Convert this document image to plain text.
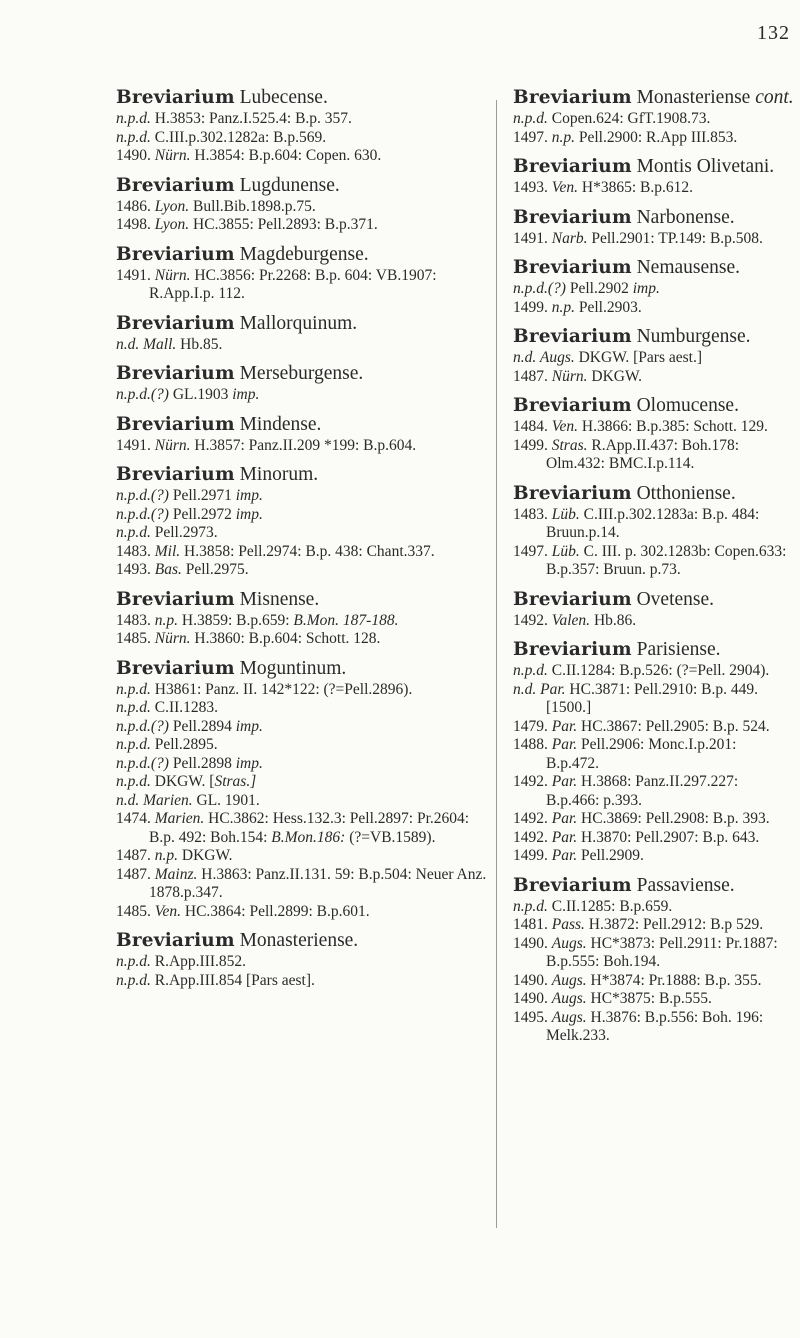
132
Breviarium Lubecense.
n.p.d. H.3853: Panz.I.525.4: B.p. 357.
n.p.d. C.III.p.302.1282a: B.p.569.
1490. Nürn. H.3854: B.p.604: Copen. 630.
Breviarium Lugdunense.
1486. Lyon. Bull.Bib.1898.p.75.
1498. Lyon. HC.3855: Pell.2893: B.p.371.
Breviarium Magdeburgense.
1491. Nürn. HC.3856: Pr.2268: B.p. 604: VB.1907: R.App.I.p. 112.
Breviarium Mallorquinum.
n.d. Mall. Hb.85.
Breviarium Merseburgense.
n.p.d.(?) GL.1903 imp.
Breviarium Mindense.
1491. Nürn. H.3857: Panz.II.209 *199: B.p.604.
Breviarium Minorum.
n.p.d.(?) Pell.2971 imp.
n.p.d.(?) Pell.2972 imp.
n.p.d. Pell.2973.
1483. Mil. H.3858: Pell.2974: B.p. 438: Chant.337.
1493. Bas. Pell.2975.
Breviarium Misnense.
1483. n.p. H.3859: B.p.659: B.Mon. 187-188.
1485. Nürn. H.3860: B.p.604: Schott. 128.
Breviarium Moguntinum.
n.p.d. H3861: Panz. II. 142*122: (?=Pell.2896).
n.p.d. C.II.1283.
n.p.d.(?) Pell.2894 imp.
n.p.d. Pell.2895.
n.p.d.(?) Pell.2898 imp.
n.p.d. DKGW. [Stras.]
n.d. Marien. GL. 1901.
1474. Marien. HC.3862: Hess.132.3: Pell.2897: Pr.2604: B.p. 492: Boh.154: B.Mon.186: (?=VB.1589).
1487. n.p. DKGW.
1487. Mainz. H.3863: Panz.II.131. 59: B.p.504: Neuer Anz. 1878.p.347.
1485. Ven. HC.3864: Pell.2899: B.p.601.
Breviarium Monasteriense.
n.p.d. R.App.III.852.
n.p.d. R.App.III.854 [Pars aest].
Breviarium Monasteriense cont.
n.p.d. Copen.624: GfT.1908.73.
1497. n.p. Pell.2900: R.App III.853.
Breviarium Montis Olivetani.
1493. Ven. H*3865: B.p.612.
Breviarium Narbonense.
1491. Narb. Pell.2901: TP.149: B.p.508.
Breviarium Nemausense.
n.p.d.(?) Pell.2902 imp.
1499. n.p. Pell.2903.
Breviarium Numburgense.
n.d. Augs. DKGW. [Pars aest.]
1487. Nürn. DKGW.
Breviarium Olomucense.
1484. Ven. H.3866: B.p.385: Schott. 129.
1499. Stras. R.App.II.437: Boh.178: Olm.432: BMC.I.p.114.
Breviarium Otthoniense.
1483. Lüb. C.III.p.302.1283a: B.p. 484: Bruun.p.14.
1497. Lüb. C. III. p. 302.1283b: Copen.633: B.p.357: Bruun. p.73.
Breviarium Ovetense.
1492. Valen. Hb.86.
Breviarium Parisiense.
n.p.d. C.II.1284: B.p.526: (?=Pell. 2904).
n.d. Par. HC.3871: Pell.2910: B.p. 449. [1500.]
1479. Par. HC.3867: Pell.2905: B.p. 524.
1488. Par. Pell.2906: Monc.I.p.201: B.p.472.
1492. Par. H.3868: Panz.II.297.227: B.p.466: p.393.
1492. Par. HC.3869: Pell.2908: B.p. 393.
1492. Par. H.3870: Pell.2907: B.p. 643.
1499. Par. Pell.2909.
Breviarium Passaviense.
n.p.d. C.II.1285: B.p.659.
1481. Pass. H.3872: Pell.2912: B.p 529.
1490. Augs. HC*3873: Pell.2911: Pr.1887: B.p.555: Boh.194.
1490. Augs. H*3874: Pr.1888: B.p. 355.
1490. Augs. HC*3875: B.p.555.
1495. Augs. H.3876: B.p.556: Boh. 196: Melk.233.
